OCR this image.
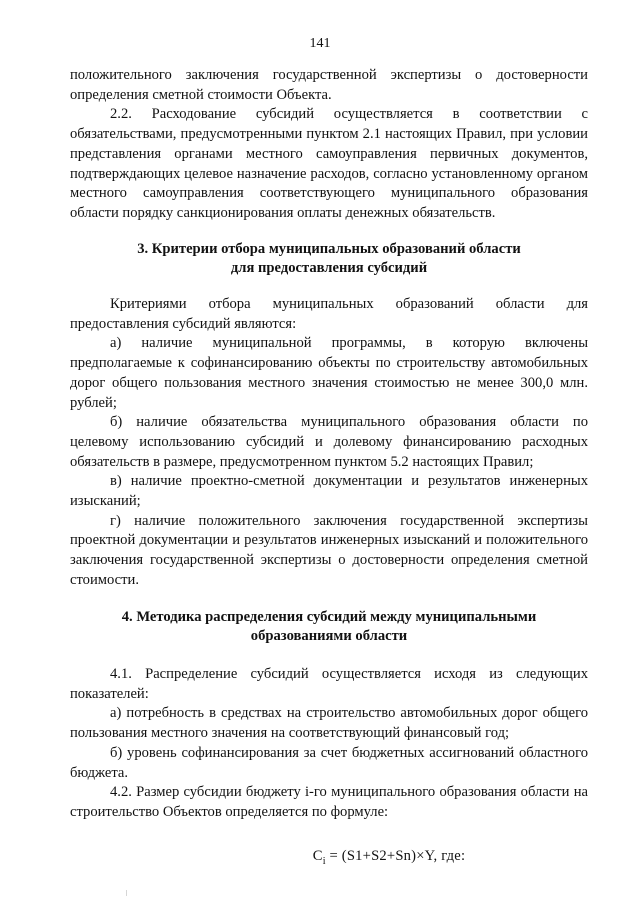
141

положительного заключения государственной экспертизы о достоверности определения сметной стоимости Объекта.

2.2. Расходование субсидий осуществляется в соответствии с обязательствами, предусмотренными пунктом 2.1 настоящих Правил, при условии представления органами местного самоуправления первичных документов, подтверждающих целевое назначение расходов, согласно установленному органом местного самоуправления соответствующего муниципального образования области порядку санкционирования оплаты денежных обязательств.

3. Критерии отбора муниципальных образований области
для предоставления субсидий

Критериями отбора муниципальных образований области для предоставления субсидий являются:

а) наличие муниципальной программы, в которую включены предполагаемые к софинансированию объекты по строительству автомобильных дорог общего пользования местного значения стоимостью не менее 300,0 млн. рублей;

б) наличие обязательства муниципального образования области по целевому использованию субсидий и долевому финансированию расходных обязательств в размере, предусмотренном пунктом 5.2 настоящих Правил;

в) наличие проектно-сметной документации и результатов инженерных изысканий;

г) наличие положительного заключения государственной экспертизы проектной документации и результатов инженерных изысканий и положительного заключения государственной экспертизы о достоверности определения сметной стоимости.

4. Методика распределения субсидий между муниципальными
образованиями области

4.1. Распределение субсидий осуществляется исходя из следующих показателей:

а) потребность в средствах на строительство автомобильных дорог общего пользования местного значения на соответствующий финансовый год;

б) уровень софинансирования за счет бюджетных ассигнований областного бюджета.

4.2. Размер субсидии бюджету i-го муниципального образования области на строительство Объектов определяется по формуле:

$C_i = (S1+S2+Sn)\times Y$, где:
